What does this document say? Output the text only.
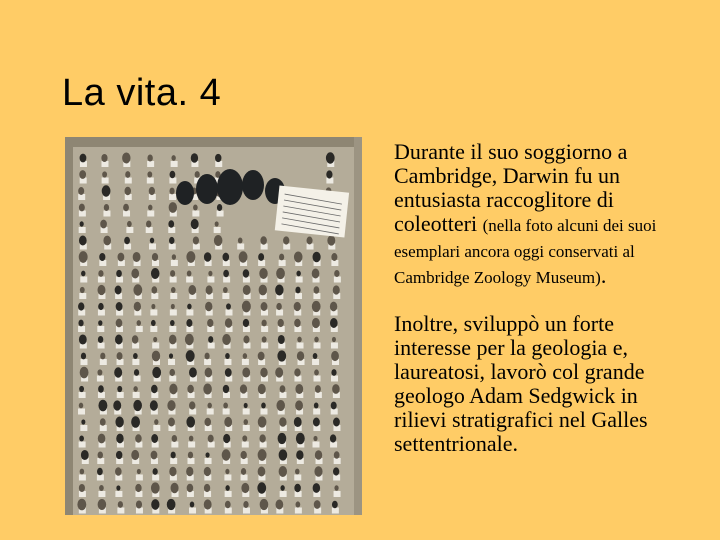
La vita. 4

Durante il suo soggiorno a Cambridge, Darwin fu un entusiasta raccoglitore di coleotteri (nella foto alcuni dei suoi esemplari ancora oggi conservati al Cambridge Zoology Museum).

Inoltre, sviluppò un forte interesse per la geologia e, laureatosi, lavorò col grande geologo Adam Sedgwick in rilievi stratigrafici nel Galles settentrionale.
